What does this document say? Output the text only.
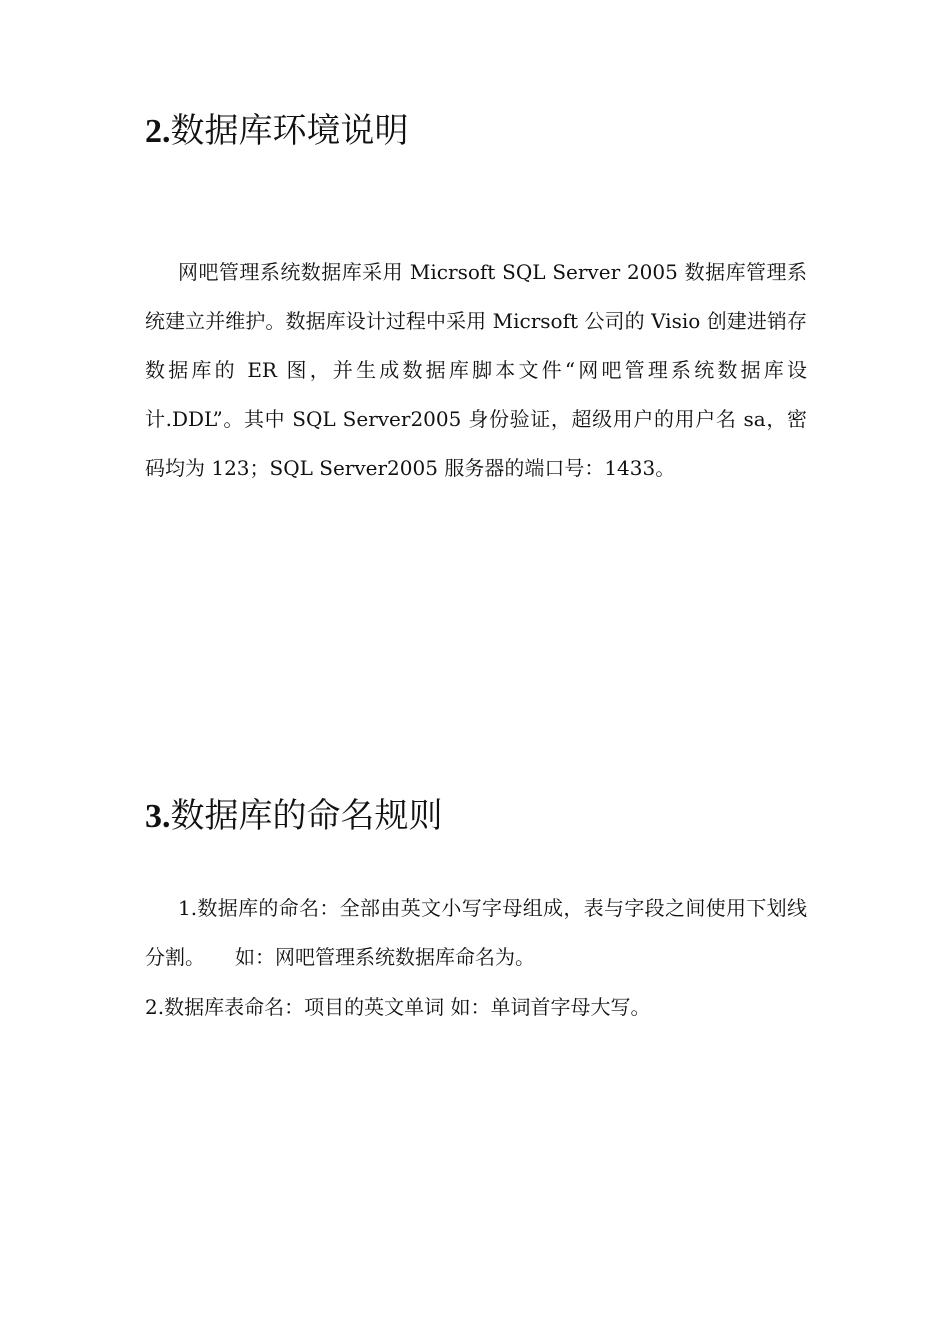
2.数据库环境说明

网吧管理系统数据库采用 Micrsoft SQL Server 2005 数据库管理系统建立并维护。数据库设计过程中采用 Micrsoft 公司的 Visio 创建进销存数据库的 ER 图，并生成数据库脚本文件“网吧管理系统数据库设计.DDL”。其中 SQL Server2005 身份验证，超级用户的用户名 sa，密码均为 123；SQL Server2005 服务器的端口号：1433。

3.数据库的命名规则

1.数据库的命名：全部由英文小写字母组成，表与字段之间使用下划线分割。　　如：网吧管理系统数据库命名为。

2.数据库表命名：项目的英文单词 如：单词首字母大写。
